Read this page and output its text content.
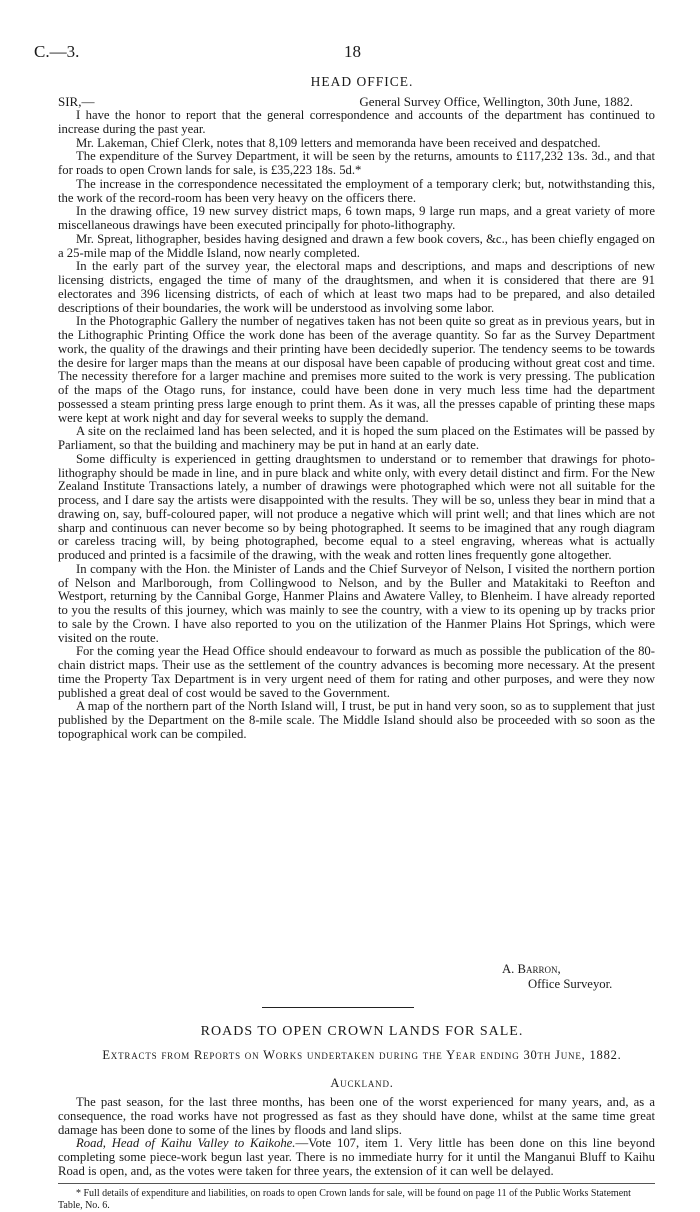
C.—3.	18
HEAD OFFICE.
SIR,—	General Survey Office, Wellington, 30th June, 1882.

I have the honor to report that the general correspondence and accounts of the department has continued to increase during the past year.

Mr. Lakeman, Chief Clerk, notes that 8,109 letters and memoranda have been received and despatched.

The expenditure of the Survey Department, it will be seen by the returns, amounts to £117,232 13s. 3d., and that for roads to open Crown lands for sale, is £35,223 18s. 5d.*

The increase in the correspondence necessitated the employment of a temporary clerk; but, notwithstanding this, the work of the record-room has been very heavy on the officers there.

In the drawing office, 19 new survey district maps, 6 town maps, 9 large run maps, and a great variety of more miscellaneous drawings have been executed principally for photo-lithography.

Mr. Spreat, lithographer, besides having designed and drawn a few book covers, &c., has been chiefly engaged on a 25-mile map of the Middle Island, now nearly completed.

In the early part of the survey year, the electoral maps and descriptions, and maps and descriptions of new licensing districts, engaged the time of many of the draughtsmen, and when it is considered that there are 91 electorates and 396 licensing districts, of each of which at least two maps had to be prepared, and also detailed descriptions of their boundaries, the work will be understood as involving some labor.

In the Photographic Gallery the number of negatives taken has not been quite so great as in previous years, but in the Lithographic Printing Office the work done has been of the average quantity. So far as the Survey Department work, the quality of the drawings and their printing have been decidedly superior. The tendency seems to be towards the desire for larger maps than the means at our disposal have been capable of producing without great cost and time. The necessity therefore for a larger machine and premises more suited to the work is very pressing. The publication of the maps of the Otago runs, for instance, could have been done in very much less time had the department possessed a steam printing press large enough to print them. As it was, all the presses capable of printing these maps were kept at work night and day for several weeks to supply the demand.

A site on the reclaimed land has been selected, and it is hoped the sum placed on the Estimates will be passed by Parliament, so that the building and machinery may be put in hand at an early date.

Some difficulty is experienced in getting draughtsmen to understand or to remember that drawings for photo-lithography should be made in line, and in pure black and white only, with every detail distinct and firm. For the New Zealand Institute Transactions lately, a number of drawings were photographed which were not all suitable for the process, and I dare say the artists were disappointed with the results. They will be so, unless they bear in mind that a drawing on, say, buff-coloured paper, will not produce a negative which will print well; and that lines which are not sharp and continuous can never become so by being photographed. It seems to be imagined that any rough diagram or careless tracing will, by being photographed, become equal to a steel engraving, whereas what is actually produced and printed is a facsimile of the drawing, with the weak and rotten lines frequently gone altogether.

In company with the Hon. the Minister of Lands and the Chief Surveyor of Nelson, I visited the northern portion of Nelson and Marlborough, from Collingwood to Nelson, and by the Buller and Matakitaki to Reefton and Westport, returning by the Cannibal Gorge, Hanmer Plains and Awatere Valley, to Blenheim. I have already reported to you the results of this journey, which was mainly to see the country, with a view to its opening up by tracks prior to sale by the Crown. I have also reported to you on the utilization of the Hanmer Plains Hot Springs, which were visited on the route.

For the coming year the Head Office should endeavour to forward as much as possible the publication of the 80-chain district maps. Their use as the settlement of the country advances is becoming more necessary. At the present time the Property Tax Department is in very urgent need of them for rating and other purposes, and were they now published a great deal of cost would be saved to the Government.

A map of the northern part of the North Island will, I trust, be put in hand very soon, so as to supplement that just published by the Department on the 8-mile scale. The Middle Island should also be proceeded with so soon as the topographical work can be compiled.

A. Barron,
Office Surveyor.
ROADS TO OPEN CROWN LANDS FOR SALE.
Extracts from Reports on Works undertaken during the Year ending 30th June, 1882.
Auckland.

The past season, for the last three months, has been one of the worst experienced for many years, and, as a consequence, the road works have not progressed as fast as they should have done, whilst at the same time great damage has been done to some of the lines by floods and land slips.

Road, Head of Kaihu Valley to Kaikohe.—Vote 107, item 1. Very little has been done on this line beyond completing some piece-work begun last year. There is no immediate hurry for it until the Manganui Bluff to Kaihu Road is open, and, as the votes were taken for three years, the extension of it can well be delayed.

* Full details of expenditure and liabilities, on roads to open Crown lands for sale, will be found on page 11 of the Public Works Statement Table, No. 6.
